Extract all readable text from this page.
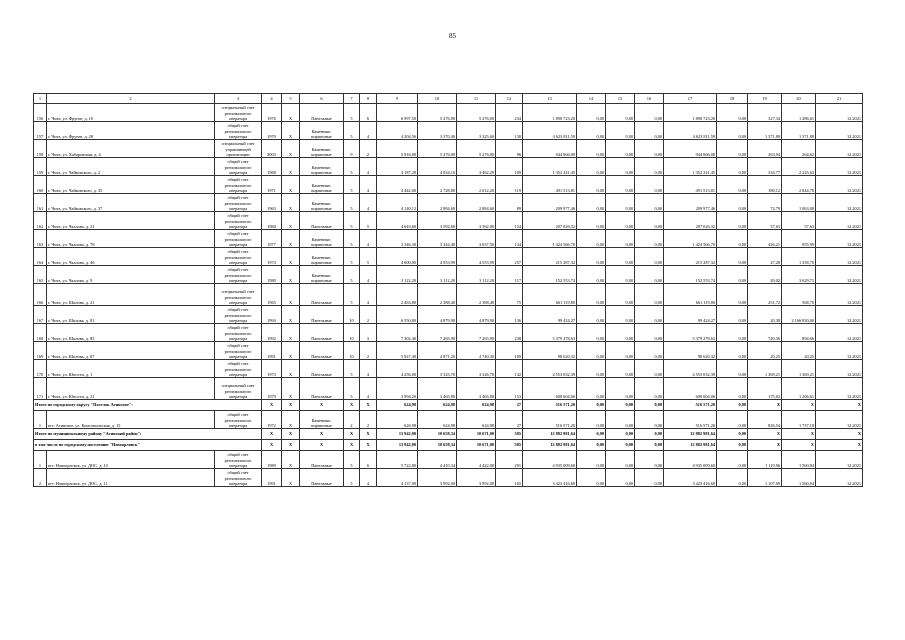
85
1	2	3	4	5	6	7	8	9	10	11	12	13	14	15	16	17	18	19	20	21
156	г. Чита, ул. Фрунзе, д. 10	специальный счет регионального оператора	1976	X	Панельные	5	6	6 997,50	5 276,00	5 276,00	234	1 890 723,20	0,00	0,00	0,00	1 890 723,20	0,00	327,34	1 286,61	12.2021
157	г. Чита, ул. Фрунзе, д. 28	общий счет регионального оператора	1970	X	Каменные, кирпичные	5	4	4 204,56	3 370,40	3 325,60	138	4 623 811,59	0,00	0,00	0,00	4 623 811,59	0,00	1 371,89	1 371,89	12.2021
158	г. Чита, ул. Хабаровская, д. 4	специальный счет управляющей организации	2003	X	Каменные, кирпичные	9	2	5 916,00	5 276,00	5 276,00	96	944 066,00	0,00	0,00	0,00	944 066,00	0,00	263,94	264,62	12.2021
159	г. Чита, ул. Чайковского, д. 2	общий счет регионального оператора	1968	X	Каменные, кирпичные	5	4	4 187,20	4 034,10	3 462,29	109	1 352 241,45	0,00	0,00	0,00	1 352 241,45	0,00	334,77	2 225,63	12.2021
160	г. Чита, ул. Чайковского, д. 35	общий счет регионального оператора	1971	X	Каменные, кирпичные	5	4	4 442,00	2 728,80	2 612,20	119	491 513,81	0,00	0,00	0,00	491 513,81	0,00	180,12	2 844,70	12.2021
161	г. Чита, ул. Чайковского, д. 37	общий счет регионального оператора	1963	X	Каменные, кирпичные	5	4	4 140,12	2 884,60	2 884,60	89	209 977,46	0,00	0,00	0,00	209 977,46	0,00	72,79	1 063,00	12.2021
162	г. Чита, ул. Чкалова, д. 31	общий счет регионального оператора	1984	X	Панельные	5	5	4 643,60	3 592,60	3 562,00	154	207 026,32	0,00	0,00	0,00	207 026,32	0,00	57,63	57,63	12.2021
163	г. Чита, ул. Чкалова, д. 78	общий счет регионального оператора	1977	X	Каменные, кирпичные	5	4	3 346,30	3 342,40	3 037,50	134	1 424 566,70	0,00	0,00	0,00	1 424 566,70	0,00	426,21	855,99	12.2021
164	г. Чита, ул. Чкалова, д. 46	общий счет регионального оператора	1974	X	Каменные, кирпичные	5	5	4 600,00	4 553,99	4 553,99	257	215 287,32	0,00	0,00	0,00	215 287,32	0,00	47,28	1 358,70	12.2021
165	г. Чита, ул. Чкалова, д. 9	общий счет регионального оператора	1980	X	Каменные, кирпичные	5	4	3 122,20	3 112,20	3 112,20	117	152 553,74	0,00	0,00	0,00	152 553,74	0,00	49,02	3 629,71	12.2021
166	г. Чита, ул. Шилова, д. 21	специальный счет регионального оператора	1965	X	Панельные	5	4	2 463,80	2 388,40	2 388,40	75	661 119,80	0,00	0,00	0,00	661 119,80	0,00	251,72	568,70	12.2021
167	г. Чита, ул. Шилова, д. 81	общий счет регионального оператора	1994	X	Панельные	10	2	6 550,80	4 879,90	4 879,90	136	99 424,27	0,00	0,00	0,00	99 424,27	0,00	20,38	2 166 830,00	12.2021
168	г. Чита, ул. Шилова, д. 85	общий счет регионального оператора	1992	X	Панельные	10	3	7 302,40	7 265,90	7 265,90	238	5 379 278,63	0,00	0,00	0,00	5 379 278,63	0,00	740,36	894,66	12.2021
169	г. Чита, ул. Шилова, д. 87	общий счет регионального оператора	1991	X	Панельные	10	2	5 927,40	4 871,20	4 740,30	189	98 620,32	0,00	0,00	0,00	98 620,32	0,00	20,25	20,25	12.2021
170	г. Чита, ул. Юности, д. 1	общий счет регионального оператора	1973	X	Панельные	5	4	4 256,00	3 325,70	3 326,70	142	4 553 032,39	0,00	0,00	0,00	4 553 032,39	0,00	1 369,21	1 369,21	12.2021
171	г. Чита, ул. Юности, д. 21	специальный счет регионального оператора	1979	X	Панельные	5	4	3 994,20	3 465,80	3 465,80	153	608 604,06	0,00	0,00	0,00	608 604,06	0,00	175,63	1 206,61	12.2021
Итого по городскому округу "Поселок Агинское":			X	X	X	X	X	624,98	624,98	624,98	27	516 571,20	0,00	0,00	0,00	516 571,20	0,00	X	X	X
1	пгт. Агинское, ул. Комсомольская, д. 15	общий счет регионального оператора	1972	X	Каменные, кирпичные	2	2	626,98	624,98	624,98	27	516 571,20	0,00	0,00	0,00	516 571,20	0,00	826,54	1 737,18	12.2021
Итого по муниципальному району "Агинский район":			X	X	X	X	X	13 942,00	10 658,34	10 671,00	505	12 882 981,64	0,00	0,00	0,00	12 882 981,64	0,00	X	X	X
в том числе по городскому поселению "Новоорловск"			X	X	X	X	X	13 942,00	10 658,34	10 671,00	505	12 882 981,64	0,00	0,00	0,00	12 882 981,64	0,00	X	X	X
1	пгт. Новоорловск, ул. ДОС, д. 10	общий счет регионального оператора	1989	X	Панельные	5	6	5 722,80	4 410,34	4 422,00	291	4 935 009,60	0,00	0,00	0,00	4 935 009,60	0,00	1 119,96	1 560,84	12.2021
2	пгт. Новоорловск, ул. ДОС, д. 11	общий счет регионального оператора	1991	X	Панельные	5	4	4 137,09	3 992,00	3 992,00	165	3 423 416,60	0,00	0,00	0,00	3 423 416,60	0,00	1 107,09	1 560,84	12.2021
